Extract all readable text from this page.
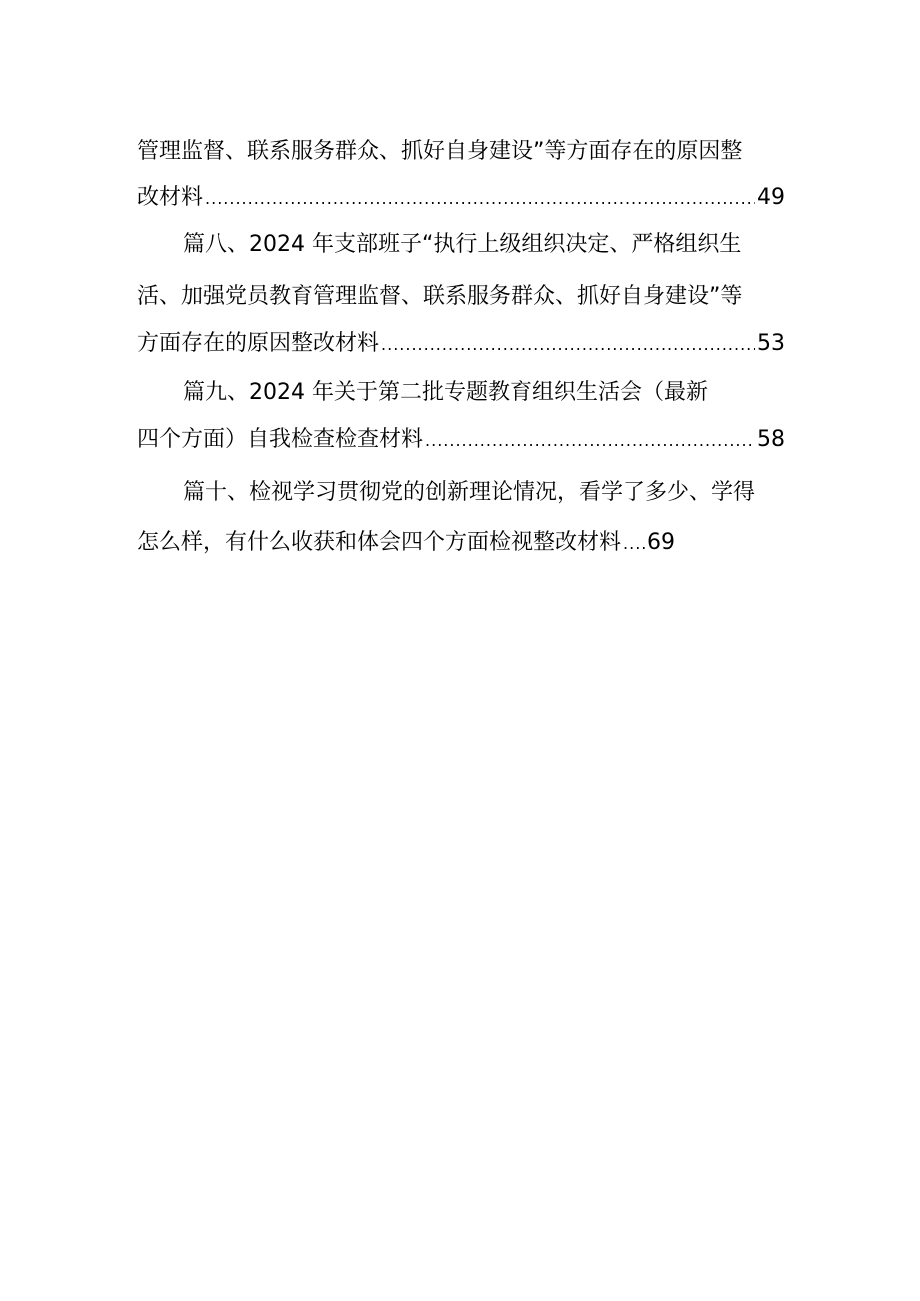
管理监督、联系服务群众、抓好自身建设”等方面存在的原因整
改材料 .....	49
篇八、2024 年支部班子“执行上级组织决定、严格组织生
活、加强党员教育管理监督、联系服务群众、抓好自身建设”等
方面存在的原因整改材料 .....	53
篇九、2024 年关于第二批专题教育组织生活会（最新
四个方面）自我检查检查材料 .....	58
篇十、检视学习贯彻党的创新理论情况，看学了多少、学得
怎么样，有什么收获和体会四个方面检视整改材料 ..... 69
